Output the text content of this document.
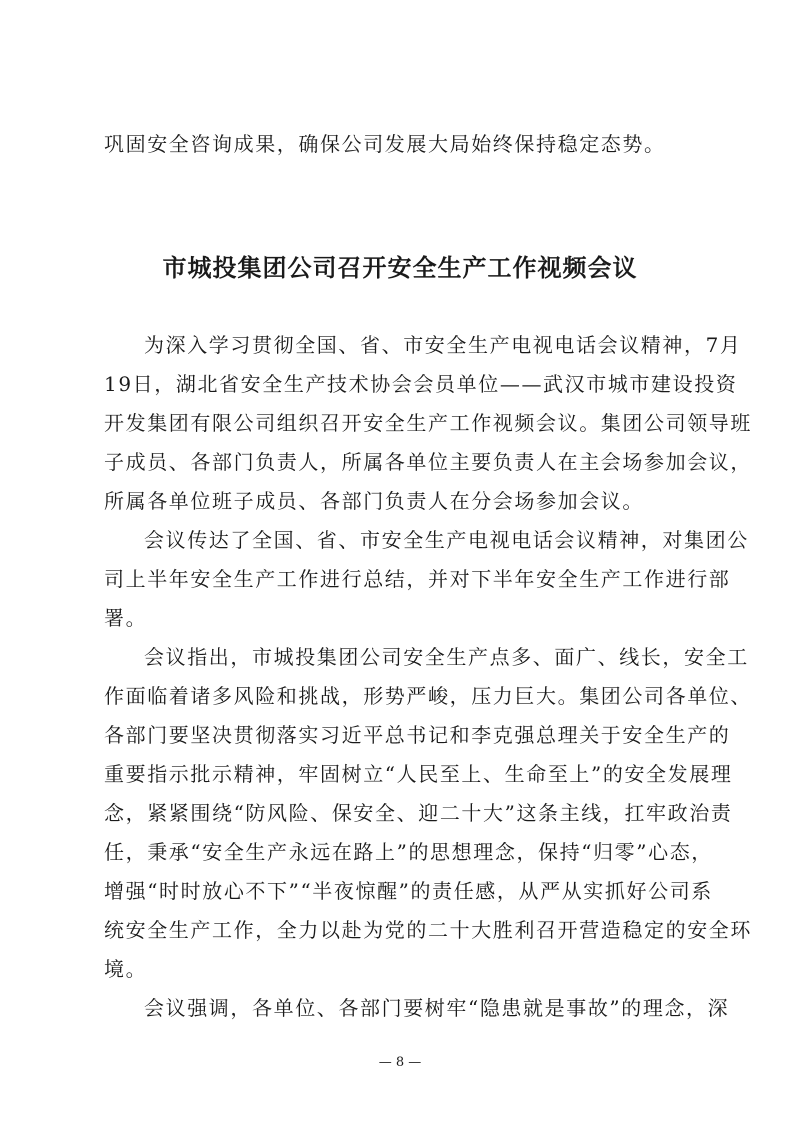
巩固安全咨询成果，确保公司发展大局始终保持稳定态势。
市城投集团公司召开安全生产工作视频会议
为深入学习贯彻全国、省、市安全生产电视电话会议精神，7月
19日，湖北省安全生产技术协会会员单位——武汉市城市建设投资
开发集团有限公司组织召开安全生产工作视频会议。集团公司领导班
子成员、各部门负责人，所属各单位主要负责人在主会场参加会议，
所属各单位班子成员、各部门负责人在分会场参加会议。
会议传达了全国、省、市安全生产电视电话会议精神，对集团公
司上半年安全生产工作进行总结，并对下半年安全生产工作进行部
署。
会议指出，市城投集团公司安全生产点多、面广、线长，安全工
作面临着诸多风险和挑战，形势严峻，压力巨大。集团公司各单位、
各部门要坚决贯彻落实习近平总书记和李克强总理关于安全生产的
重要指示批示精神，牢固树立“人民至上、生命至上”的安全发展理
念，紧紧围绕“防风险、保安全、迎二十大”这条主线，扛牢政治责
任，秉承“安全生产永远在路上”的思想理念，保持“归零”心态，
增强“时时放心不下”“半夜惊醒”的责任感，从严从实抓好公司系
统安全生产工作，全力以赴为党的二十大胜利召开营造稳定的安全环
境。
会议强调，各单位、各部门要树牢“隐患就是事故”的理念，深
— 8 —
